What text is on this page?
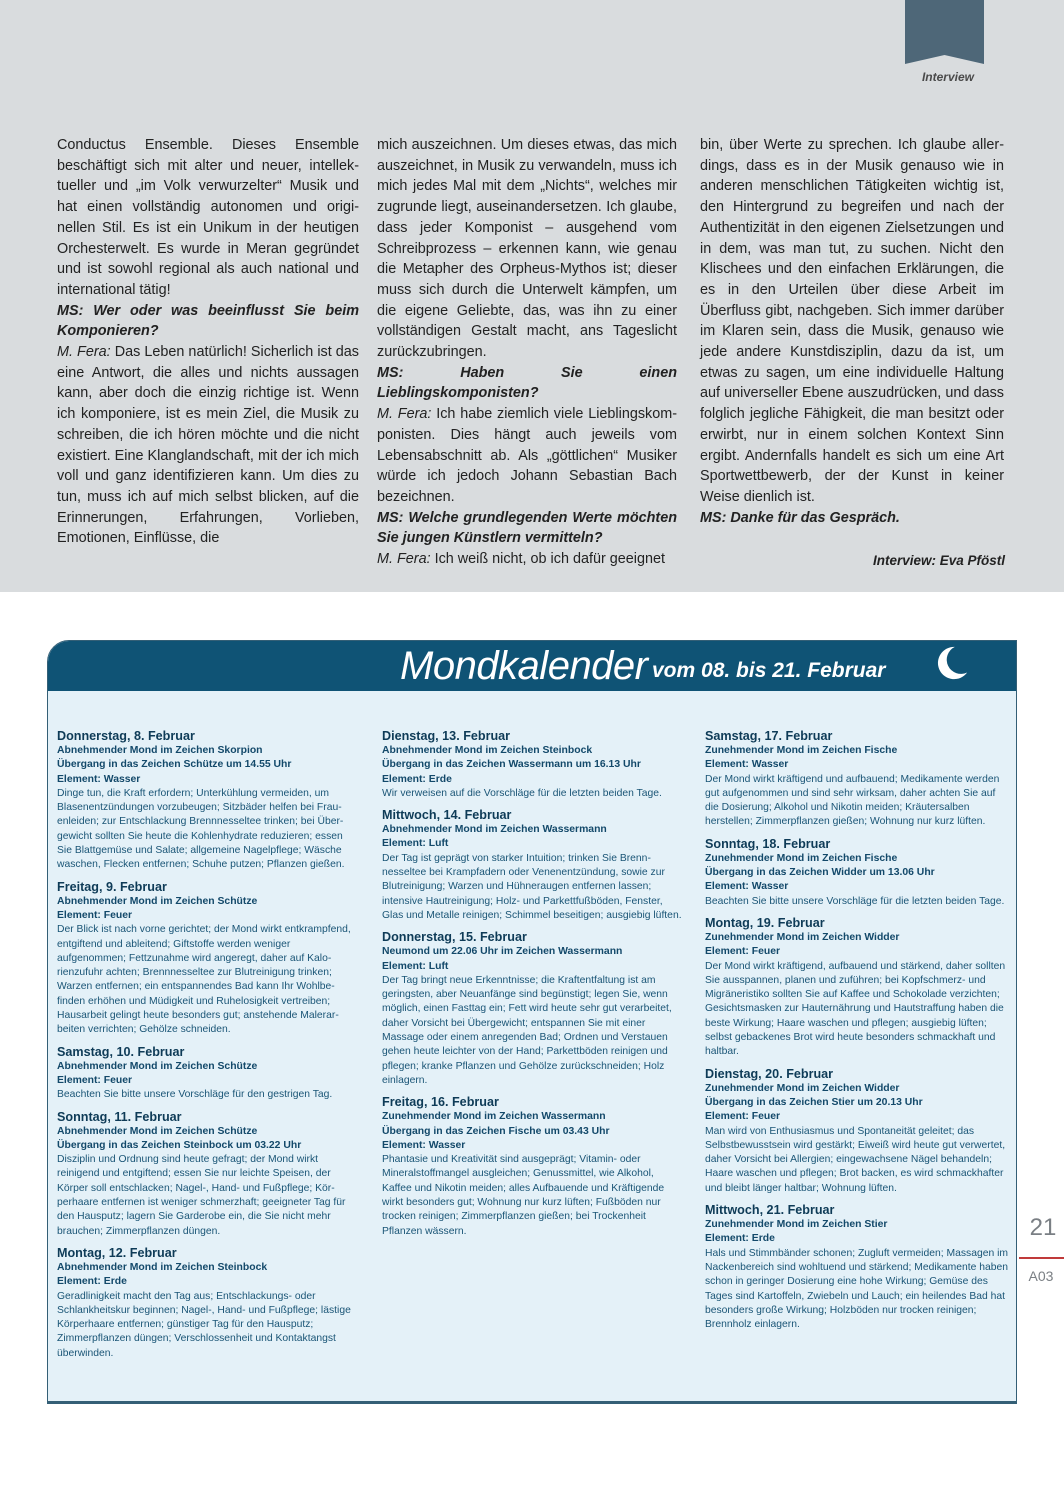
Interview

Conductus Ensemble. Dieses Ensemble beschäftigt sich mit alter und neuer, intellektueller und „im Volk verwurzelter“ Musik und hat einen vollständig autonomen und originellen Stil. Es ist ein Unikum in der heutigen Orchesterwelt. Es wurde in Meran gegründet und ist sowohl regional als auch national und international tätig!

MS: Wer oder was beeinflusst Sie beim Komponieren?

M. Fera: Das Leben natürlich! Sicherlich ist das eine Antwort, die alles und nichts aussagen kann, aber doch die einzig richtige ist. Wenn ich komponiere, ist es mein Ziel, die Musik zu schreiben, die ich hören möchte und die nicht existiert. Eine Klanglandschaft, mit der ich mich voll und ganz identifizieren kann. Um dies zu tun, muss ich auf mich selbst blicken, auf die Erinnerungen, Erfahrungen, Vorlieben, Emotionen, Einflüsse, die

mich auszeichnen. Um dieses etwas, das mich auszeichnet, in Musik zu verwandeln, muss ich mich jedes Mal mit dem „Nichts“, welches mir zugrunde liegt, auseinandersetzen. Ich glaube, dass jeder Komponist – ausgehend vom Schreibprozess – erkennen kann, wie genau die Metapher des Orpheus-Mythos ist; dieser muss sich durch die Unterwelt kämpfen, um die eigene Geliebte, das, was ihn zu einer vollständigen Gestalt macht, ans Tageslicht zurückzubringen.

MS: Haben Sie einen Lieblingskomponisten?

M. Fera: Ich habe ziemlich viele Lieblingskomponisten. Dies hängt auch jeweils vom Lebensabschnitt ab. Als „göttlichen“ Musiker würde ich jedoch Johann Sebastian Bach bezeichnen.

MS: Welche grundlegenden Werte möchten Sie jungen Künstlern vermitteln?

M. Fera: Ich weiß nicht, ob ich dafür geeignet

bin, über Werte zu sprechen. Ich glaube allerdings, dass es in der Musik genauso wie in anderen menschlichen Tätigkeiten wichtig ist, den Hintergrund zu begreifen und nach der Authentizität in den eigenen Zielsetzungen und in dem, was man tut, zu suchen. Nicht den Klischees und den einfachen Erklärungen, die es in den Urteilen über diese Arbeit im Überfluss gibt, nachgeben. Sich immer darüber im Klaren sein, dass die Musik, genauso wie jede andere Kunstdisziplin, dazu da ist, um etwas zu sagen, um eine individuelle Haltung auf universeller Ebene auszudrücken, und dass folglich jegliche Fähigkeit, die man besitzt oder erwirbt, nur in einem solchen Kontext Sinn ergibt. Andernfalls handelt es sich um eine Art Sportwettbewerb, der der Kunst in keiner Weise dienlich ist.

MS: Danke für das Gespräch.

Interview: Eva Pföstl
Mondkalender vom 08. bis 21. Februar
Donnerstag, 8. Februar
Abnehmender Mond im Zeichen Skorpion
Übergang in das Zeichen Schütze um 14.55 Uhr
Element: Wasser
Dinge tun, die Kraft erfordern; Unterkühlung vermeiden, um Blasenentzündungen vorzubeugen; Sitzbäder helfen bei Frauenleiden; zur Entschlackung Brennnesseltee trinken; bei Übergewicht sollten Sie heute die Kohlenhydrate reduzieren; essen Sie Blattgemüse und Salate; allgemeine Nagelpflege; Wäsche waschen, Flecken entfernen; Schuhe putzen; Pflanzen gießen.
Freitag, 9. Februar
Abnehmender Mond im Zeichen Schütze
Element: Feuer
Der Blick ist nach vorne gerichtet; der Mond wirkt entkrampfend, entgiftend und ableitend; Giftstoffe werden weniger aufgenommen; Fettzunahme wird angeregt, daher auf Kalorienzufuhr achten; Brennnesseltee zur Blutreinigung trinken; Warzen entfernen; ein entspannendes Bad kann Ihr Wohlbefinden erhöhen und Müdigkeit und Ruhelosigkeit vertreiben; Hausarbeit gelingt heute besonders gut; anstehende Malerarbeiten verrichten; Gehölze schneiden.
Samstag, 10. Februar
Abnehmender Mond im Zeichen Schütze
Element: Feuer
Beachten Sie bitte unsere Vorschläge für den gestrigen Tag.
Sonntag, 11. Februar
Abnehmender Mond im Zeichen Schütze
Übergang in das Zeichen Steinbock um 03.22 Uhr
Disziplin und Ordnung sind heute gefragt; der Mond wirkt reinigend und entgiftend; essen Sie nur leichte Speisen, der Körper soll entschlacken; Nagel-, Hand- und Fußpflege; Körperhaare entfernen ist weniger schmerzhaft; geeigneter Tag für den Hausputz; lagern Sie Garderobe ein, die Sie nicht mehr brauchen; Zimmerpflanzen düngen.
Montag, 12. Februar
Abnehmender Mond im Zeichen Steinbock
Element: Erde
Geradlinigkeit macht den Tag aus; Entschlackungs- oder Schlankheitskur beginnen; Nagel-, Hand- und Fußpflege; lästige Körperhaare entfernen; günstiger Tag für den Hausputz; Zimmerpflanzen düngen; Verschlossenheit und Kontaktangst überwinden.
Dienstag, 13. Februar
Abnehmender Mond im Zeichen Steinbock
Übergang in das Zeichen Wassermann um 16.13 Uhr
Element: Erde
Wir verweisen auf die Vorschläge für die letzten beiden Tage.
Mittwoch, 14. Februar
Abnehmender Mond im Zeichen Wassermann
Element: Luft
Der Tag ist geprägt von starker Intuition; trinken Sie Brennnesseltee bei Krampfadern oder Venenentzündung, sowie zur Blutreinigung; Warzen und Hühneraugen entfernen lassen; intensive Hautreinigung; Holz- und Parkettfußböden, Fenster, Glas und Metalle reinigen; Schimmel beseitigen; ausgiebig lüften.
Donnerstag, 15. Februar
Neumond um 22.06 Uhr im Zeichen Wassermann
Element: Luft
Der Tag bringt neue Erkenntnisse; die Kraftentfaltung ist am geringsten, aber Neuanfänge sind begünstigt; legen Sie, wenn möglich, einen Fasttag ein; Fett wird heute sehr gut verarbeitet, daher Vorsicht bei Übergewicht; entspannen Sie mit einer Massage oder einem anregenden Bad; Ordnen und Verstauen gehen heute leichter von der Hand; Parkettböden reinigen und pflegen; kranke Pflanzen und Gehölze zurückschneiden; Holz einlagern.
Freitag, 16. Februar
Zunehmender Mond im Zeichen Wassermann
Übergang in das Zeichen Fische um 03.43 Uhr
Element: Wasser
Phantasie und Kreativität sind ausgeprägt; Vitamin- oder Mineralstoffmangel ausgleichen; Genussmittel, wie Alkohol, Kaffee und Nikotin meiden; alles Aufbauende und Kräftigende wirkt besonders gut; Wohnung nur kurz lüften; Fußböden nur trocken reinigen; Zimmerpflanzen gießen; bei Trockenheit Pflanzen wässern.
Samstag, 17. Februar
Zunehmender Mond im Zeichen Fische
Element: Wasser
Der Mond wirkt kräftigend und aufbauend; Medikamente werden gut aufgenommen und sind sehr wirksam, daher achten Sie auf die Dosierung; Alkohol und Nikotin meiden; Kräutersalben herstellen; Zimmerpflanzen gießen; Wohnung nur kurz lüften.
Sonntag, 18. Februar
Zunehmender Mond im Zeichen Fische
Übergang in das Zeichen Widder um 13.06 Uhr
Element: Wasser
Beachten Sie bitte unsere Vorschläge für die letzten beiden Tage.
Montag, 19. Februar
Zunehmender Mond im Zeichen Widder
Element: Feuer
Der Mond wirkt kräftigend, aufbauend und stärkend, daher sollten Sie ausspannen, planen und zuführen; bei Kopfschmerz- und Migräneristiko sollten Sie auf Kaffee und Schokolade verzichten; Gesichtsmasken zur Hauternährung und Hautstraffung haben die beste Wirkung; Haare waschen und pflegen; ausgiebig lüften; selbst gebackenes Brot wird heute besonders schmackhaft und haltbar.
Dienstag, 20. Februar
Zunehmender Mond im Zeichen Widder
Übergang in das Zeichen Stier um 20.13 Uhr
Element: Feuer
Man wird von Enthusiasmus und Spontaneität geleitet; das Selbstbewusstsein wird gestärkt; Eiweiß wird heute gut verwertet, daher Vorsicht bei Allergien; eingewachsene Nägel behandeln; Haare waschen und pflegen; Brot backen, es wird schmackhafter und bleibt länger haltbar; Wohnung lüften.
Mittwoch, 21. Februar
Zunehmender Mond im Zeichen Stier
Element: Erde
Hals und Stimmbänder schonen; Zugluft vermeiden; Massagen im Nackenbereich sind wohltuend und stärkend; Medikamente haben schon in geringer Dosierung eine hohe Wirkung; Gemüse des Tages sind Kartoffeln, Zwiebeln und Lauch; ein heilendes Bad hat besonders große Wirkung; Holzböden nur trocken reinigen; Brennholz einlagern.
21
A03
